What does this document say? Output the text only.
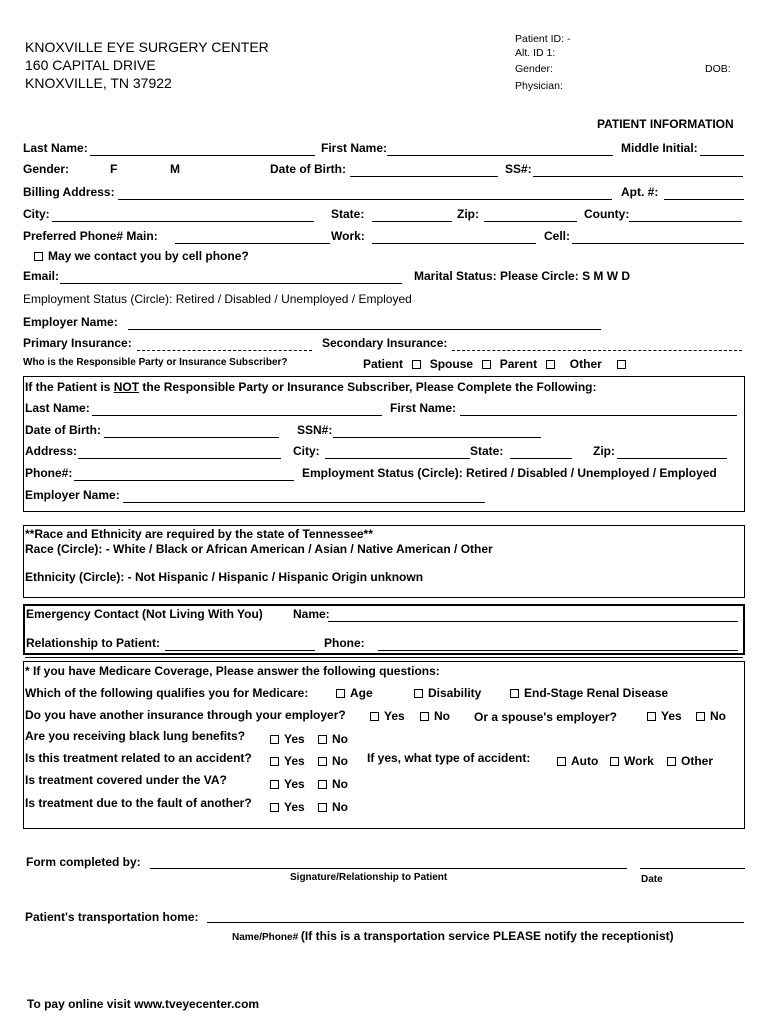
KNOXVILLE EYE SURGERY CENTER
160 CAPITAL DRIVE
KNOXVILLE, TN 37922
Patient ID: -
Alt. ID 1:
Gender:	DOB:
Physician:
PATIENT INFORMATION
Last Name:	First Name:	Middle Initial:
Gender:	F	M	Date of Birth:	SS#:
Billing Address:	Apt. #:
City:	State:	Zip:	County:
Preferred Phone# Main:	Work:	Cell:
May we contact you by cell phone?
Email:	Marital Status: Please Circle: S M W D
Employment Status (Circle): Retired / Disabled / Unemployed / Employed
Employer Name:
Primary Insurance:	Secondary Insurance:
Who is the Responsible Party or Insurance Subscriber?	Patient Spouse Parent	Other
If the Patient is NOT the Responsible Party or Insurance Subscriber, Please Complete the Following:
Last Name:	First Name:
Date of Birth:	SSN#:
Address:	City:	State:	Zip:
Phone#:	Employment Status (Circle): Retired / Disabled / Unemployed / Employed
Employer Name:
**Race and Ethnicity are required by the state of Tennessee**
Race (Circle): - White / Black or African American / Asian / Native American / Other
Ethnicity (Circle): - Not Hispanic / Hispanic / Hispanic Origin unknown
Emergency Contact (Not Living With You)	Name:
Relationship to Patient:	Phone:
* If you have Medicare Coverage, Please answer the following questions:
Which of the following qualifies you for Medicare:	Age	Disability	End-Stage Renal Disease
Do you have another insurance through your employer?	Yes	No Or a spouse's employer?	Yes	No
Are you receiving black lung benefits?	Yes	No
Is this treatment related to an accident?	Yes	No If yes, what type of accident:	Auto	Work	Other
Is treatment covered under the VA?	Yes	No
Is treatment due to the fault of another?	Yes	No
Form completed by:
Signature/Relationship to Patient	Date
Patient's transportation home:
Name/Phone# (If this is a transportation service PLEASE notify the receptionist)
To pay online visit www.tveyecenter.com
